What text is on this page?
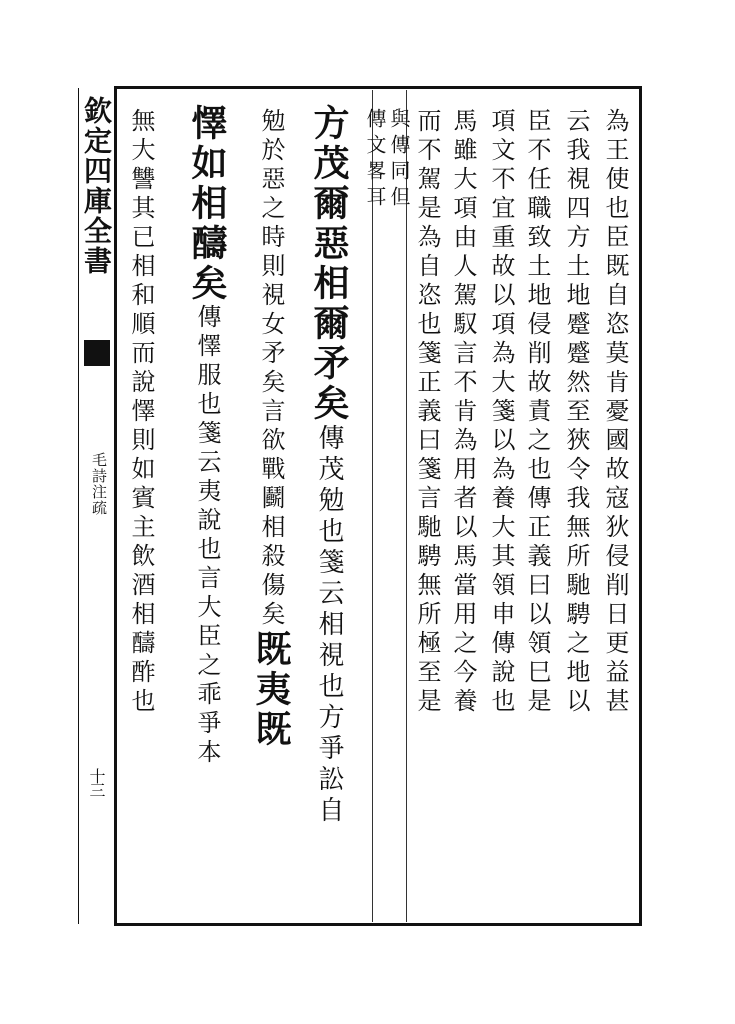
欽定四庫全書
毛詩注疏
十三
為王使也臣既自恣莫肯憂國故寇狄侵削日更益甚
云我視四方土地蹙蹙然至狹令我無所馳騁之地以
臣不任職致土地侵削故責之也傳正義曰以領巳是
項文不宜重故以項為大箋以為養大其領申傳說也
馬雖大項由人駕馭言不肯為用者以馬當用之今養
而不駕是為自恣也箋正義曰箋言馳騁無所極至是
與傳同但
傳文畧耳
方茂爾惡相爾矛矣傳茂勉也箋云相視也方爭訟自
勉於惡之時則視女矛矣言欲戰鬬相殺傷矣既夷既
懌如相醻矣傳懌服也箋云夷說也言大臣之乖爭本
無大讐其已相和順而說懌則如賓主飲酒相醻酢也
